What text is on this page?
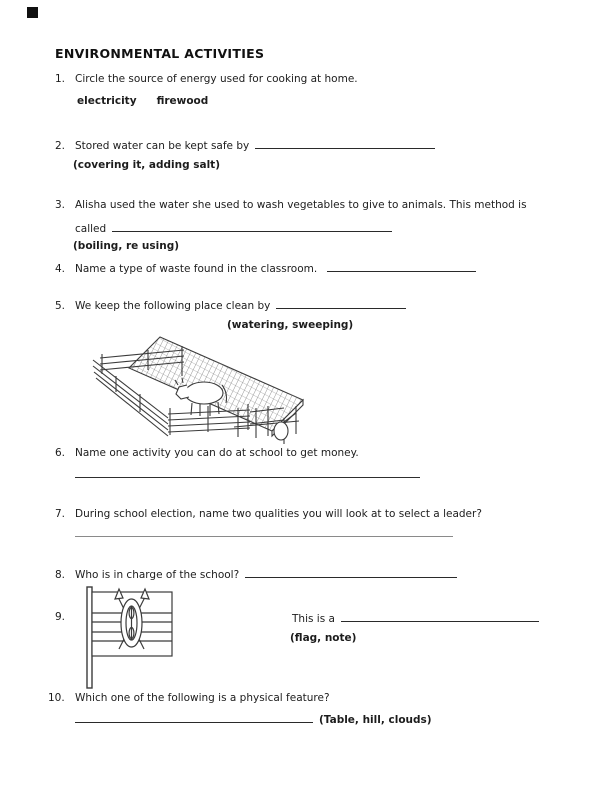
ENVIRONMENTAL ACTIVITIES
1. Circle the source of energy used for cooking at home.
electricity firewood
2. Stored water can be kept safe by
(covering it, adding salt)
3. Alisha used the water she used to wash vegetables to give to animals. This method is
called
(boiling, re using)
4. Name a type of waste found in the classroom.
5. We keep the following place clean by
(watering, sweeping)
6. Name one activity you can do at school to get money.
7. During school election, name two qualities you will look at to select a leader?
8. Who is in charge of the school?
9.	This is a
(flag, note)
10. Which one of the following is a physical feature?
(Table, hill, clouds)
